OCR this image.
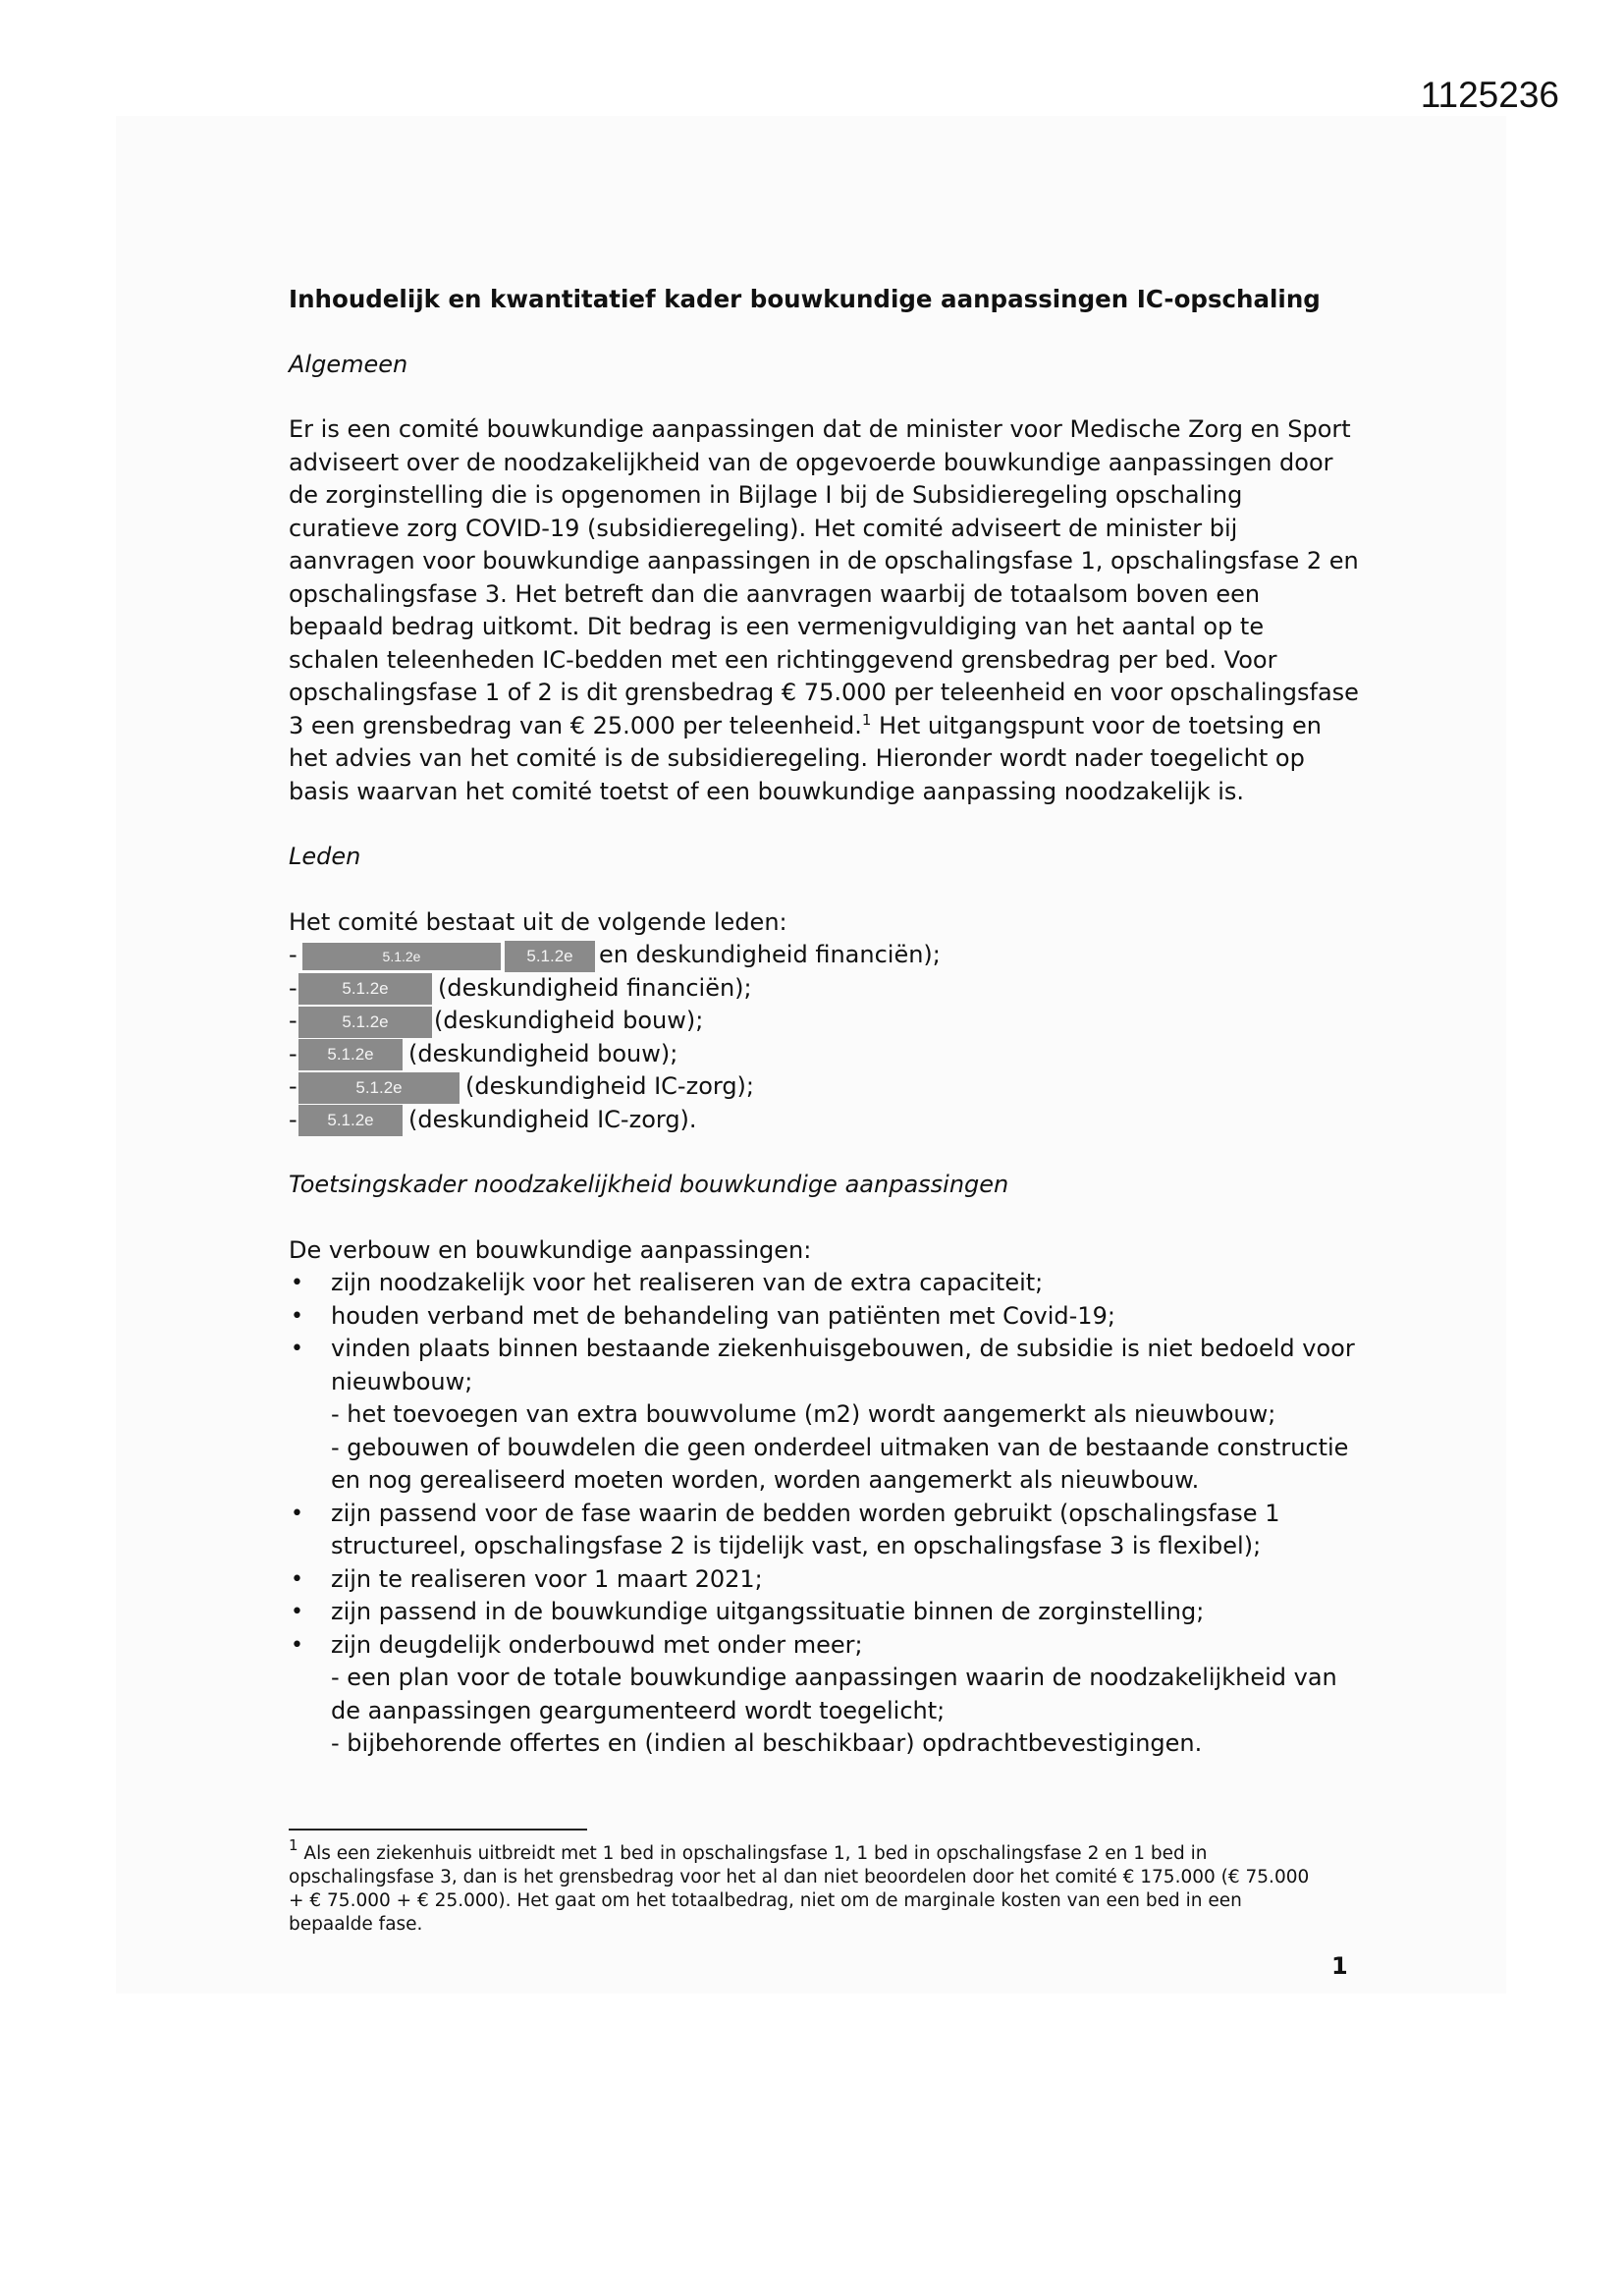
1125236
Inhoudelijk en kwantitatief kader bouwkundige aanpassingen IC-opschaling
Algemeen
Er is een comité bouwkundige aanpassingen dat de minister voor Medische Zorg en Sport adviseert over de noodzakelijkheid van de opgevoerde bouwkundige aanpassingen door de zorginstelling die is opgenomen in Bijlage I bij de Subsidieregeling opschaling curatieve zorg COVID-19 (subsidieregeling). Het comité adviseert de minister bij aanvragen voor bouwkundige aanpassingen in de opschalingsfase 1, opschalingsfase 2 en opschalingsfase 3. Het betreft dan die aanvragen waarbij de totaalsom boven een bepaald bedrag uitkomt. Dit bedrag is een vermenigvuldiging van het aantal op te schalen teleenheden IC-bedden met een richtinggevend grensbedrag per bed. Voor opschalingsfase 1 of 2 is dit grensbedrag € 75.000 per teleenheid en voor opschalingsfase 3 een grensbedrag van € 25.000 per teleenheid.$^1$ Het uitgangspunt voor de toetsing en het advies van het comité is de subsidieregeling. Hieronder wordt nader toegelicht op basis waarvan het comité toetst of een bouwkundige aanpassing noodzakelijk is.
Leden
Het comité bestaat uit de volgende leden:
-	5.1.2e	5.1.2e	en deskundigheid financiën);
-	5.1.2e	(deskundigheid financiën);
-	5.1.2e	(deskundigheid bouw);
-	5.1.2e	(deskundigheid bouw);
-	5.1.2e	(deskundigheid IC-zorg);
-	5.1.2e	(deskundigheid IC-zorg).
Toetsingskader noodzakelijkheid bouwkundige aanpassingen
De verbouw en bouwkundige aanpassingen:
• zijn noodzakelijk voor het realiseren van de extra capaciteit;
• houden verband met de behandeling van patiënten met Covid-19;
• vinden plaats binnen bestaande ziekenhuisgebouwen, de subsidie is niet bedoeld voor nieuwbouw;
- het toevoegen van extra bouwvolume (m2) wordt aangemerkt als nieuwbouw;
- gebouwen of bouwdelen die geen onderdeel uitmaken van de bestaande constructie en nog gerealiseerd moeten worden, worden aangemerkt als nieuwbouw.
• zijn passend voor de fase waarin de bedden worden gebruikt (opschalingsfase 1 structureel, opschalingsfase 2 is tijdelijk vast, en opschalingsfase 3 is flexibel);
• zijn te realiseren voor 1 maart 2021;
• zijn passend in de bouwkundige uitgangssituatie binnen de zorginstelling;
• zijn deugdelijk onderbouwd met onder meer;
- een plan voor de totale bouwkundige aanpassingen waarin de noodzakelijkheid van de aanpassingen geargumenteerd wordt toegelicht;
- bijbehorende offertes en (indien al beschikbaar) opdrachtbevestigingen.
$^1$ Als een ziekenhuis uitbreidt met 1 bed in opschalingsfase 1, 1 bed in opschalingsfase 2 en 1 bed in opschalingsfase 3, dan is het grensbedrag voor het al dan niet beoordelen door het comité € 175.000 (€ 75.000 + € 75.000 + € 25.000). Het gaat om het totaalbedrag, niet om de marginale kosten van een bed in een bepaalde fase.
1
